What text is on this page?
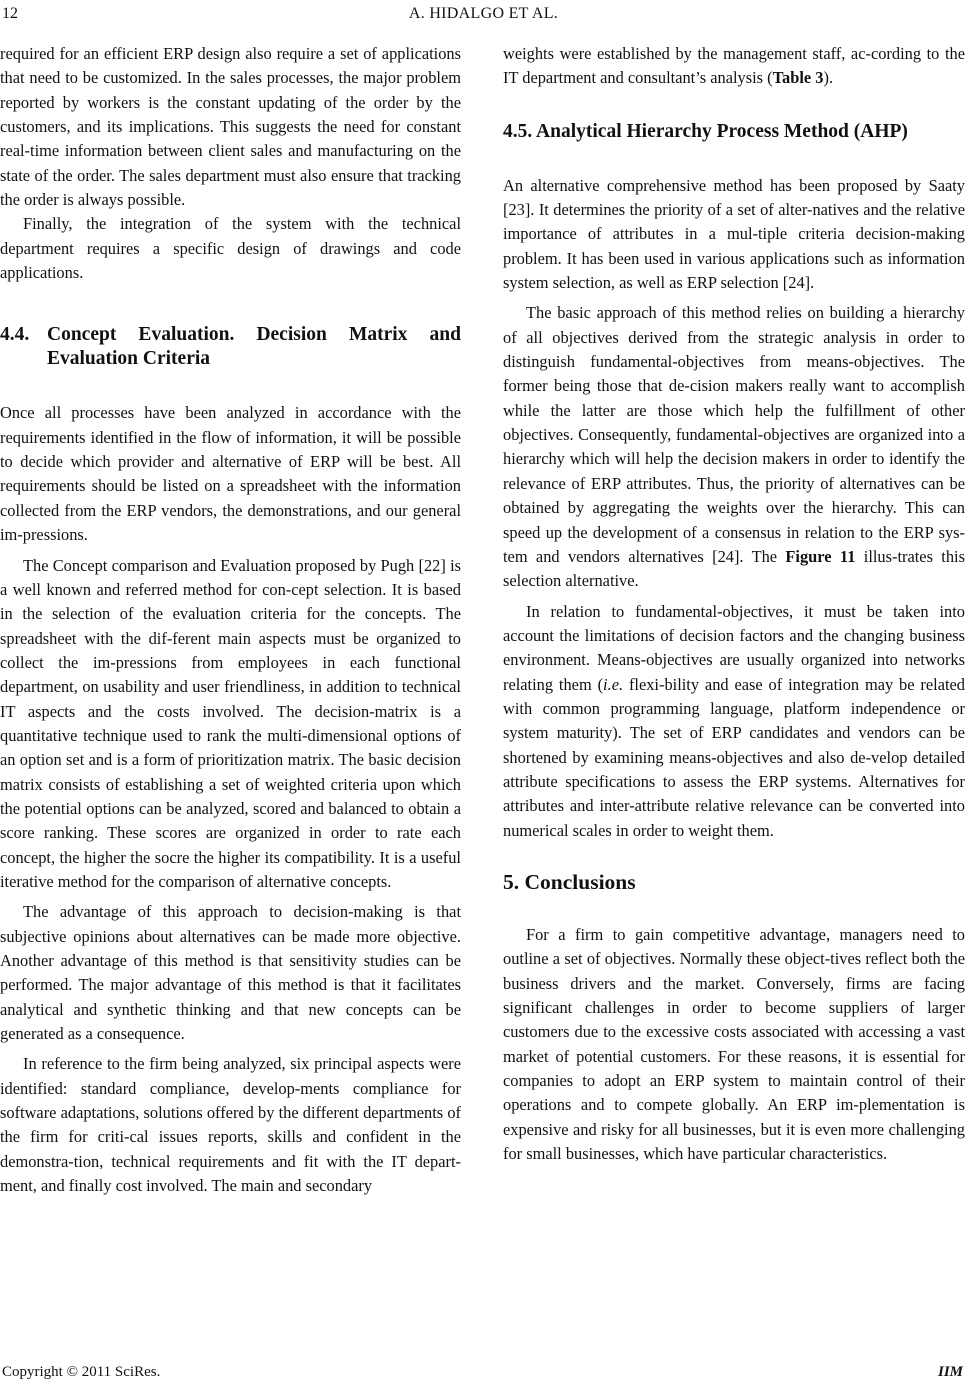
12	A. HIDALGO ET AL.

required for an efficient ERP design also require a set of applications that need to be customized. In the sales processes, the major problem reported by workers is the constant updating of the order by the customers, and its implications. This suggests the need for constant real-time information between client sales and manufacturing on the state of the order. The sales department must also ensure that tracking the order is always possible.

Finally, the integration of the system with the technical department requires a specific design of drawings and code applications.

4.4. Concept Evaluation. Decision Matrix and Evaluation Criteria

Once all processes have been analyzed in accordance with the requirements identified in the flow of information, it will be possible to decide which provider and alternative of ERP will be best. All requirements should be listed on a spreadsheet with the information collected from the ERP vendors, the demonstrations, and our general im-pressions.

The Concept comparison and Evaluation proposed by Pugh [22] is a well known and referred method for con-cept selection. It is based in the selection of the evaluation criteria for the concepts. The spreadsheet with the dif-ferent main aspects must be organized to collect the im-pressions from employees in each functional department, on usability and user friendliness, in addition to technical IT aspects and the costs involved. The decision-matrix is a quantitative technique used to rank the multi-dimensional options of an option set and is a form of prioritization matrix. The basic decision matrix consists of establishing a set of weighted criteria upon which the potential options can be analyzed, scored and balanced to obtain a score ranking. These scores are organized in order to rate each concept, the higher the socre the higher its compatibility. It is a useful iterative method for the comparison of alternative concepts.

The advantage of this approach to decision-making is that subjective opinions about alternatives can be made more objective. Another advantage of this method is that sensitivity studies can be performed. The major advantage of this method is that it facilitates analytical and synthetic thinking and that new concepts can be generated as a consequence.

In reference to the firm being analyzed, six principal aspects were identified: standard compliance, develop-ments compliance for software adaptations, solutions offered by the different departments of the firm for criti-cal issues reports, skills and confident in the demonstra-tion, technical requirements and fit with the IT depart-ment, and finally cost involved. The main and secondary

weights were established by the management staff, ac-cording to the IT department and consultant’s analysis (Table 3).

4.5. Analytical Hierarchy Process Method (AHP)

An alternative comprehensive method has been proposed by Saaty [23]. It determines the priority of a set of alter-natives and the relative importance of attributes in a mul-tiple criteria decision-making problem. It has been used in various applications such as information system selection, as well as ERP selection [24].

The basic approach of this method relies on building a hierarchy of all objectives derived from the strategic analysis in order to distinguish fundamental-objectives from means-objectives. The former being those that de-cision makers really want to accomplish while the latter are those which help the fulfillment of other objectives. Consequently, fundamental-objectives are organized into a hierarchy which will help the decision makers in order to identify the relevance of ERP attributes. Thus, the priority of alternatives can be obtained by aggregating the weights over the hierarchy. This can speed up the development of a consensus in relation to the ERP sys-tem and vendors alternatives [24]. The Figure 11 illus-trates this selection alternative.

In relation to fundamental-objectives, it must be taken into account the limitations of decision factors and the changing business environment. Means-objectives are usually organized into networks relating them (i.e. flexi-bility and ease of integration may be related with common programming language, platform independence or system maturity). The set of ERP candidates and vendors can be shortened by examining means-objectives and also de-velop detailed attribute specifications to assess the ERP systems. Alternatives for attributes and inter-attribute relative relevance can be converted into numerical scales in order to weight them.

5. Conclusions

For a firm to gain competitive advantage, managers need to outline a set of objectives. Normally these object-tives reflect both the business drivers and the market. Conversely, firms are facing significant challenges in order to become suppliers of larger customers due to the excessive costs associated with accessing a vast market of potential customers. For these reasons, it is essential for companies to adopt an ERP system to maintain control of their operations and to compete globally. An ERP im-plementation is expensive and risky for all businesses, but it is even more challenging for small businesses, which have particular characteristics.

Copyright © 2011 SciRes.	IIM
